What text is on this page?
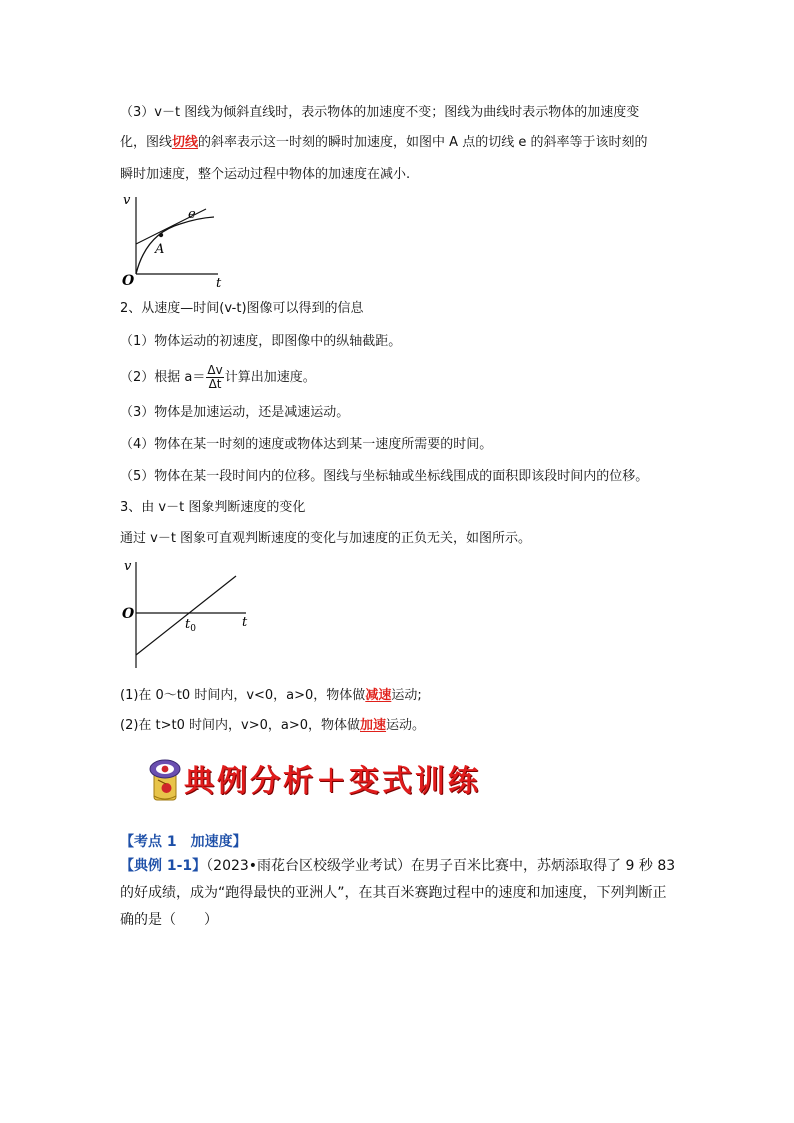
（3）v－t 图线为倾斜直线时，表示物体的加速度不变；图线为曲线时表示物体的加速度变
化，图线切线的斜率表示这一时刻的瞬时加速度，如图中 A 点的切线 e 的斜率等于该时刻的
瞬时加速度，整个运动过程中物体的加速度在减小.
v
e
A
O	t
2、从速度—时间(v-t)图像可以得到的信息
（1）物体运动的初速度，即图像中的纵轴截距。
（2）根据 $a= \frac{\Delta v}{\Delta t}$ 计算出加速度。
（3）物体是加速运动，还是减速运动。
（4）物体在某一时刻的速度或物体达到某一速度所需要的时间。
（5）物体在某一段时间内的位移。图线与坐标轴或坐标线围成的面积即该段时间内的位移。
3、由 v－t 图象判断速度的变化
通过 v－t 图象可直观判断速度的变化与加速度的正负无关，如图所示。
v
O
t
$t_0$
(1)在 0～t0 时间内，v<0，a>0，物体做减速运动;
(2)在 t>t0 时间内，v>0，a>0，物体做加速运动。
典例分析＋变式训练
【考点 1　加速度】
【典例 1-1】（2023•雨花台区校级学业考试）在男子百米比赛中，苏炳添取得了 9 秒 83 的好成绩，成为“跑得最快的亚洲人”，在其百米赛跑过程中的速度和加速度，下列判断正确的是（　　）
